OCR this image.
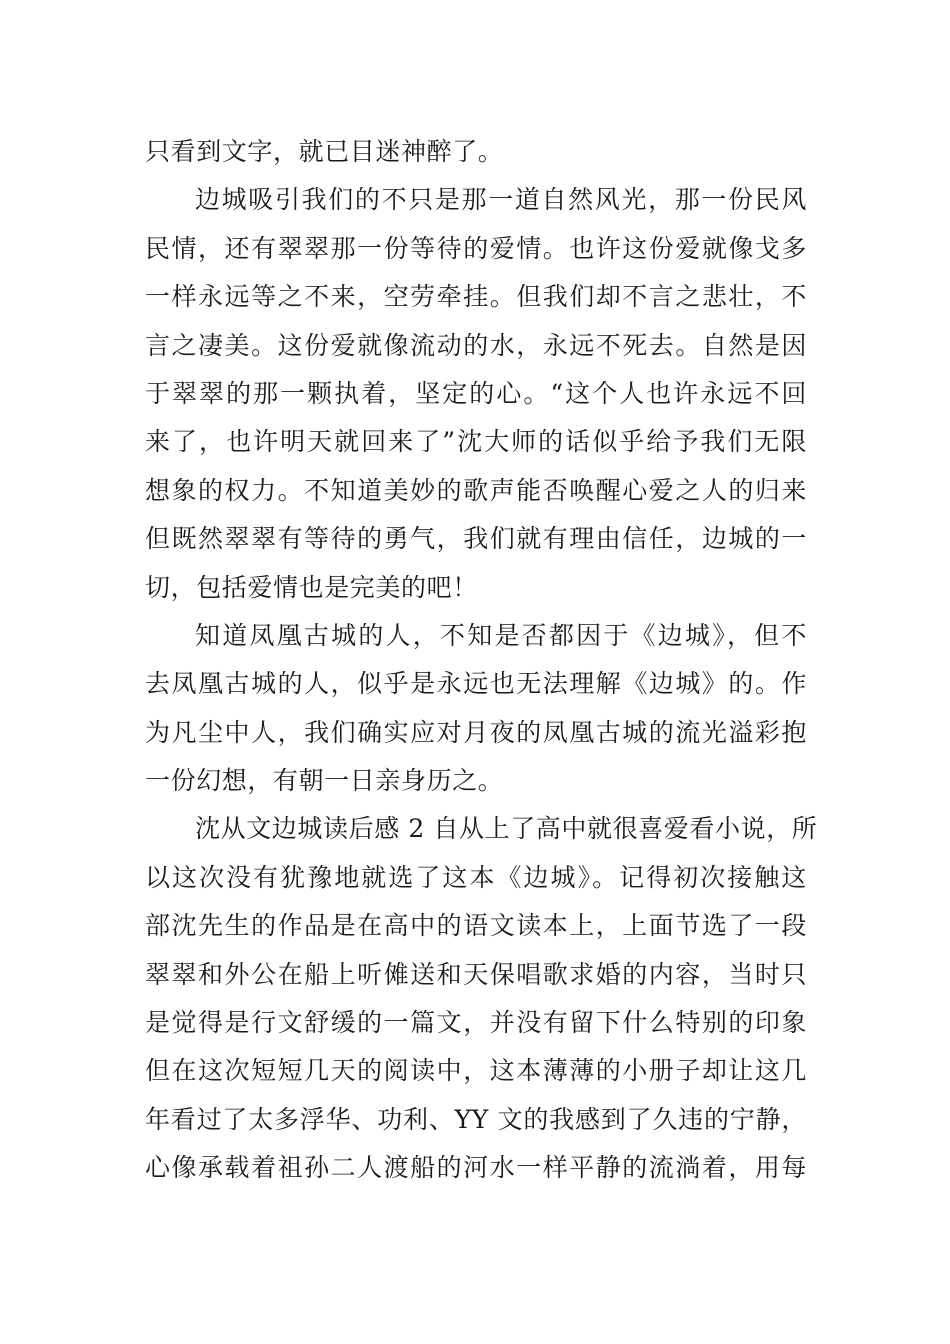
只看到文字，就已目迷神醉了。
边城吸引我们的不只是那一道自然风光，那一份民风
民情，还有翠翠那一份等待的爱情。也许这份爱就像戈多
一样永远等之不来，空劳牵挂。但我们却不言之悲壮，不
言之凄美。这份爱就像流动的水，永远不死去。自然是因
于翠翠的那一颗执着，坚定的心。“这个人也许永远不回
来了，也许明天就回来了”沈大师的话似乎给予我们无限
想象的权力。不知道美妙的歌声能否唤醒心爱之人的归来
但既然翠翠有等待的勇气，我们就有理由信任，边城的一
切，包括爱情也是完美的吧！
知道凤凰古城的人，不知是否都因于《边城》，但不
去凤凰古城的人，似乎是永远也无法理解《边城》的。作
为凡尘中人，我们确实应对月夜的凤凰古城的流光溢彩抱
一份幻想，有朝一日亲身历之。
沈从文边城读后感 2 自从上了高中就很喜爱看小说，所
以这次没有犹豫地就选了这本《边城》。记得初次接触这
部沈先生的作品是在高中的语文读本上，上面节选了一段
翠翠和外公在船上听傩送和天保唱歌求婚的内容，当时只
是觉得是行文舒缓的一篇文，并没有留下什么特别的印象
但在这次短短几天的阅读中，这本薄薄的小册子却让这几
年看过了太多浮华、功利、YY 文的我感到了久违的宁静，
心像承载着祖孙二人渡船的河水一样平静的流淌着，用每
